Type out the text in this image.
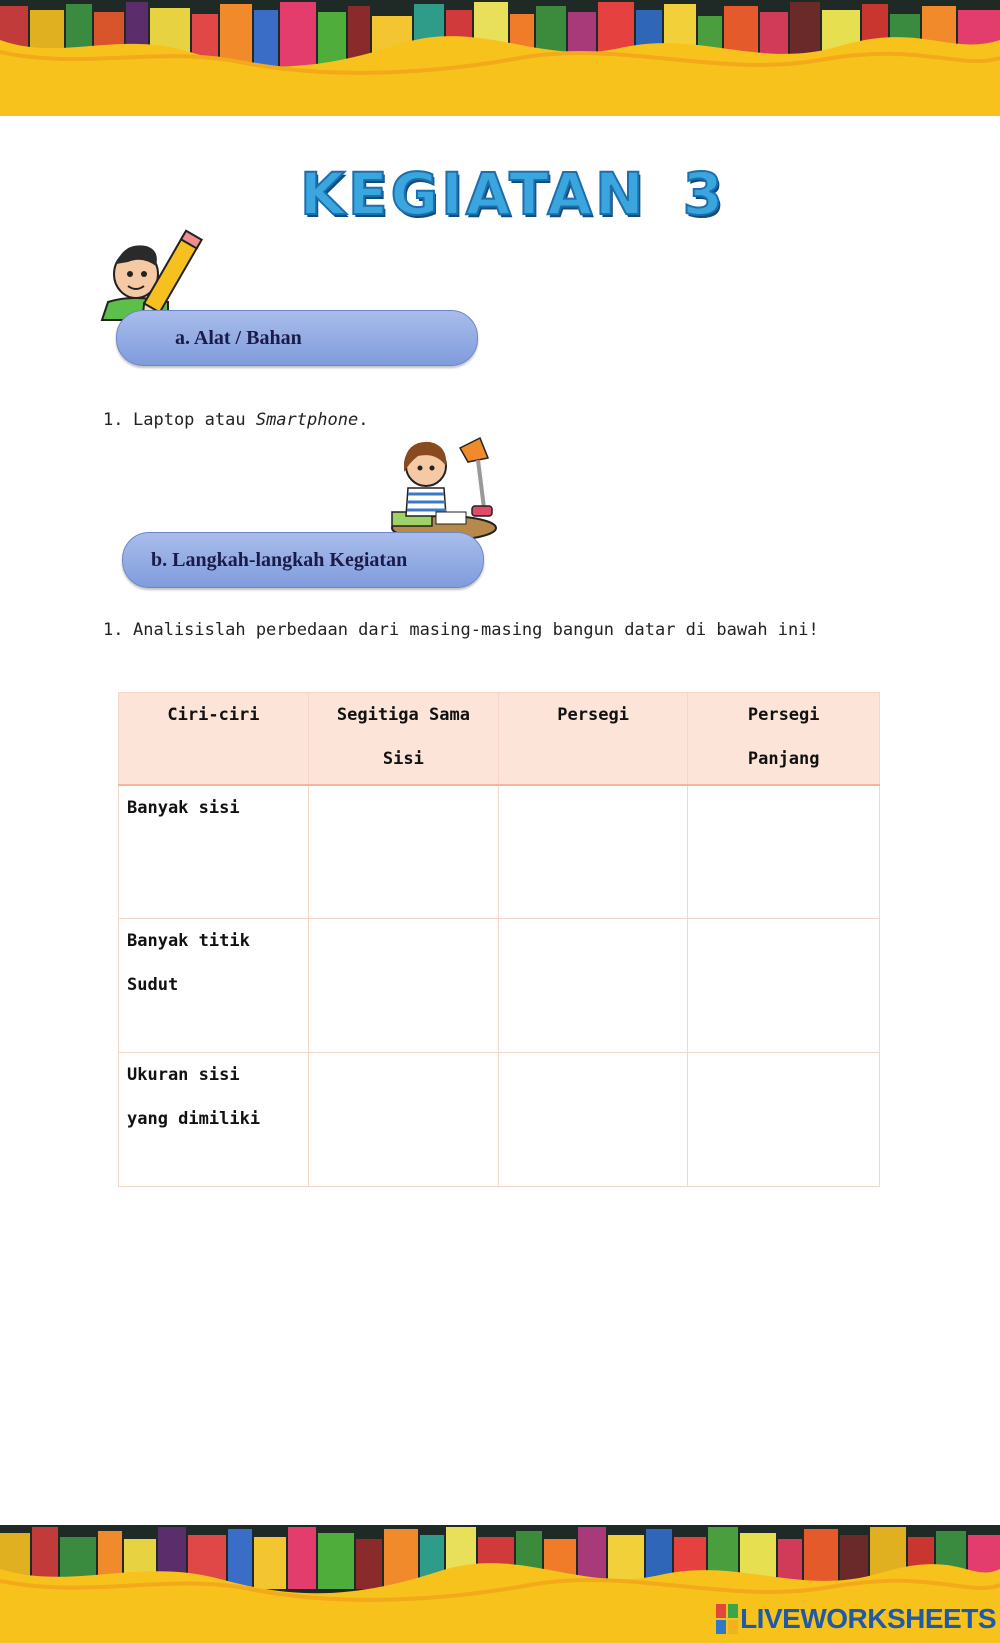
KEGIATAN 3
a. Alat / Bahan
1. Laptop atau Smartphone.
b. Langkah-langkah Kegiatan
1. Analisislah perbedaan dari masing-masing bangun datar di bawah ini!
Ciri-ciri	Segitiga Sama Sisi	Persegi	Persegi Panjang

Banyak sisi			

Banyak titik Sudut			

Ukuran sisi yang dimiliki			

LIVEWORKSHEETS
